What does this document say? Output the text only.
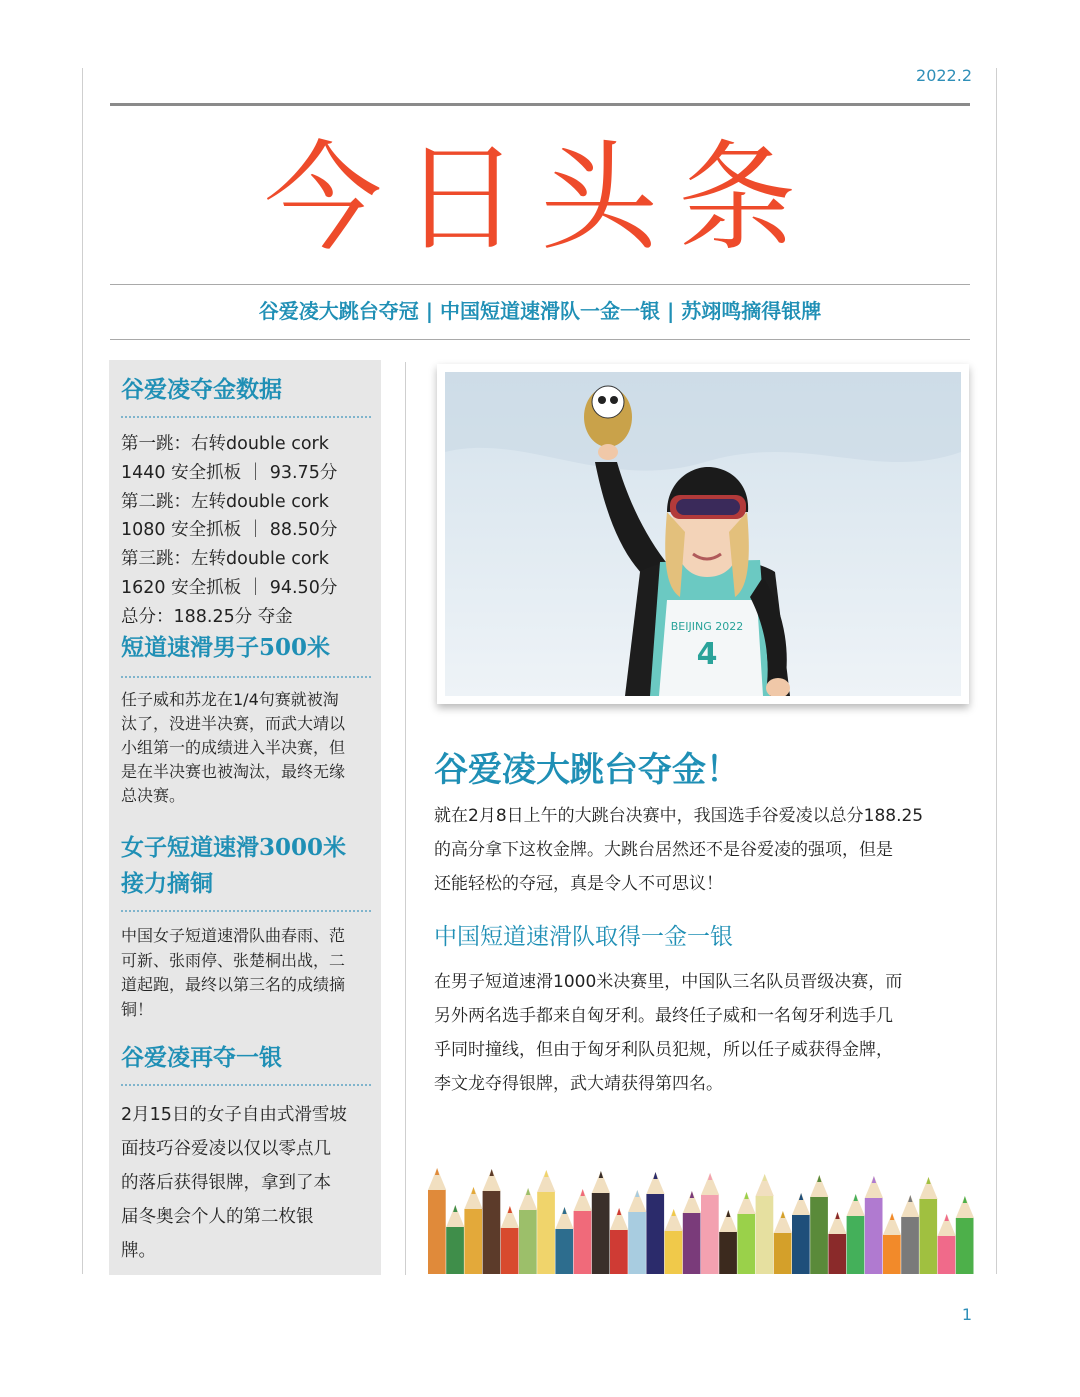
2022.2
今日头条
谷爱凌大跳台夺冠 | 中国短道速滑队一金一银 | 苏翊鸣摘得银牌
谷爱凌夺金数据
第一跳：右转double cork
1440 安全抓板 ｜ 93.75分
第二跳：左转double cork
1080 安全抓板 ｜ 88.50分
第三跳：左转double cork
1620 安全抓板 ｜ 94.50分
总分：188.25分 夺金
短道速滑男子500米
任子威和苏龙在1/4句赛就被淘
汰了，没进半决赛，而武大靖以
小组第一的成绩进入半决赛，但
是在半决赛也被淘汰，最终无缘
总决赛。
女子短道速滑3000米
接力摘铜
中国女子短道速滑队曲春雨、范
可新、张雨停、张楚桐出战，二
道起跑，最终以第三名的成绩摘
铜！
谷爱凌再夺一银
2月15日的女子自由式滑雪坡
面技巧谷爱凌以仅以零点几
的落后获得银牌，拿到了本
届冬奥会个人的第二枚银
牌。
BEIJING 2022
4
谷爱凌大跳台夺金！
就在2月8日上午的大跳台决赛中，我国选手谷爱凌以总分188.25
的高分拿下这枚金牌。大跳台居然还不是谷爱凌的强项，但是
还能轻松的夺冠，真是令人不可思议！
中国短道速滑队取得一金一银
在男子短道速滑1000米决赛里，中国队三名队员晋级决赛，而
另外两名选手都来自匈牙利。最终任子威和一名匈牙利选手几
乎同时撞线，但由于匈牙利队员犯规，所以任子威获得金牌，
李文龙夺得银牌，武大靖获得第四名。
1
